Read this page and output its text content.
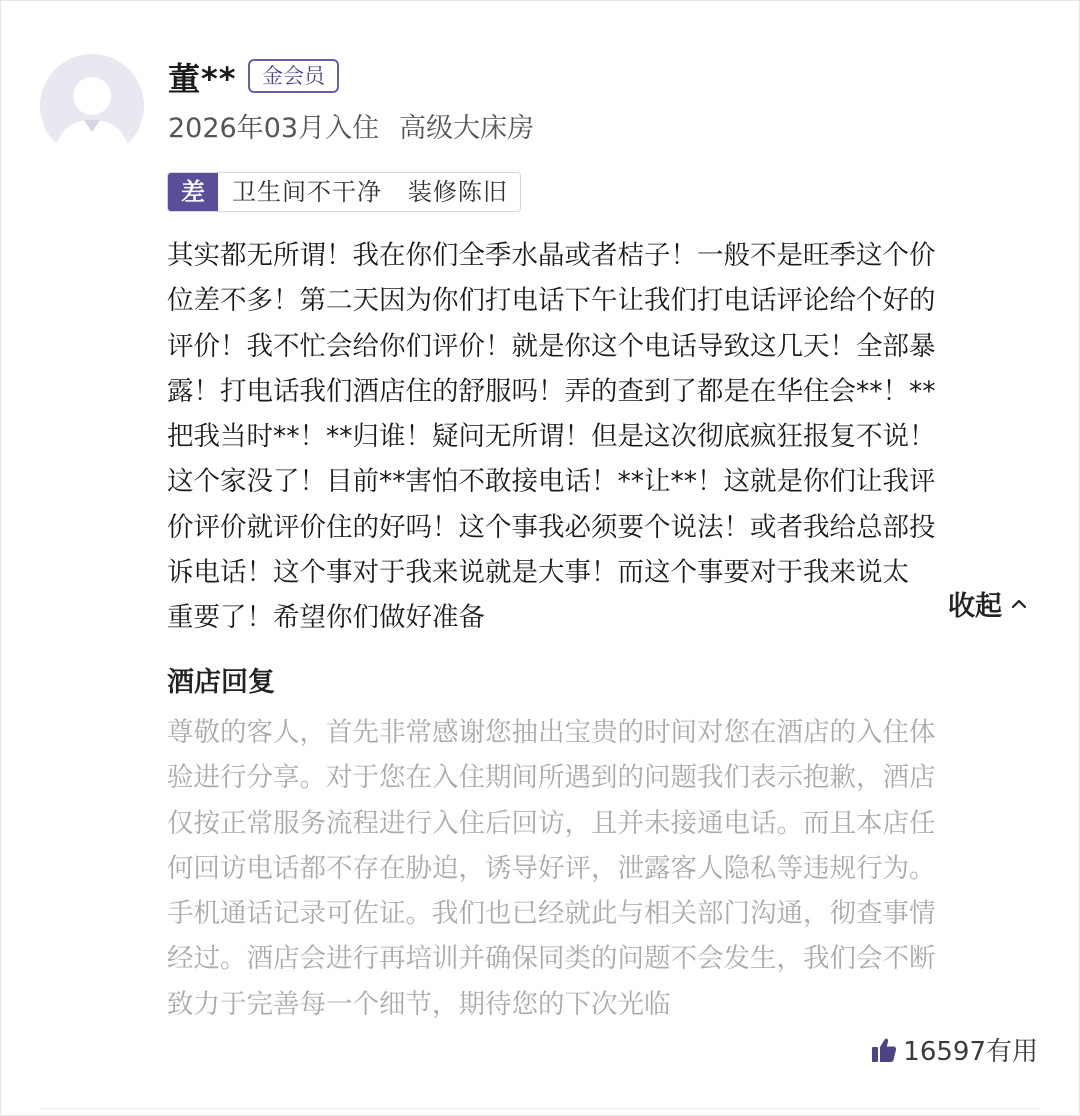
董**	金会员
2026年03月入住 高级大床房
差	卫生间不干净   装修陈旧

其实都无所谓！我在你们全季水晶或者桔子！一般不是旺季这个价

位差不多！第二天因为你们打电话下午让我们打电话评论给个好的

评价！我不忙会给你们评价！就是你这个电话导致这几天！全部暴

露！打电话我们酒店住的舒服吗！弄的查到了都是在华住会**！**

把我当时**！**归谁！疑问无所谓！但是这次彻底疯狂报复不说！

这个家没了！目前**害怕不敢接电话！**让**！这就是你们让我评

价评价就评价住的好吗！这个事我必须要个说法！或者我给总部投

诉电话！这个事对于我来说就是大事！而这个事要对于我来说太

重要了！希望你们做好准备	收起
酒店回复

尊敬的客人，首先非常感谢您抽出宝贵的时间对您在酒店的入住体

验进行分享。对于您在入住期间所遇到的问题我们表示抱歉，酒店

仅按正常服务流程进行入住后回访，且并未接通电话。而且本店任

何回访电话都不存在胁迫，诱导好评，泄露客人隐私等违规行为。

手机通话记录可佐证。我们也已经就此与相关部门沟通，彻查事情

经过。酒店会进行再培训并确保同类的问题不会发生，我们会不断

致力于完善每一个细节，期待您的下次光临

16597有用
